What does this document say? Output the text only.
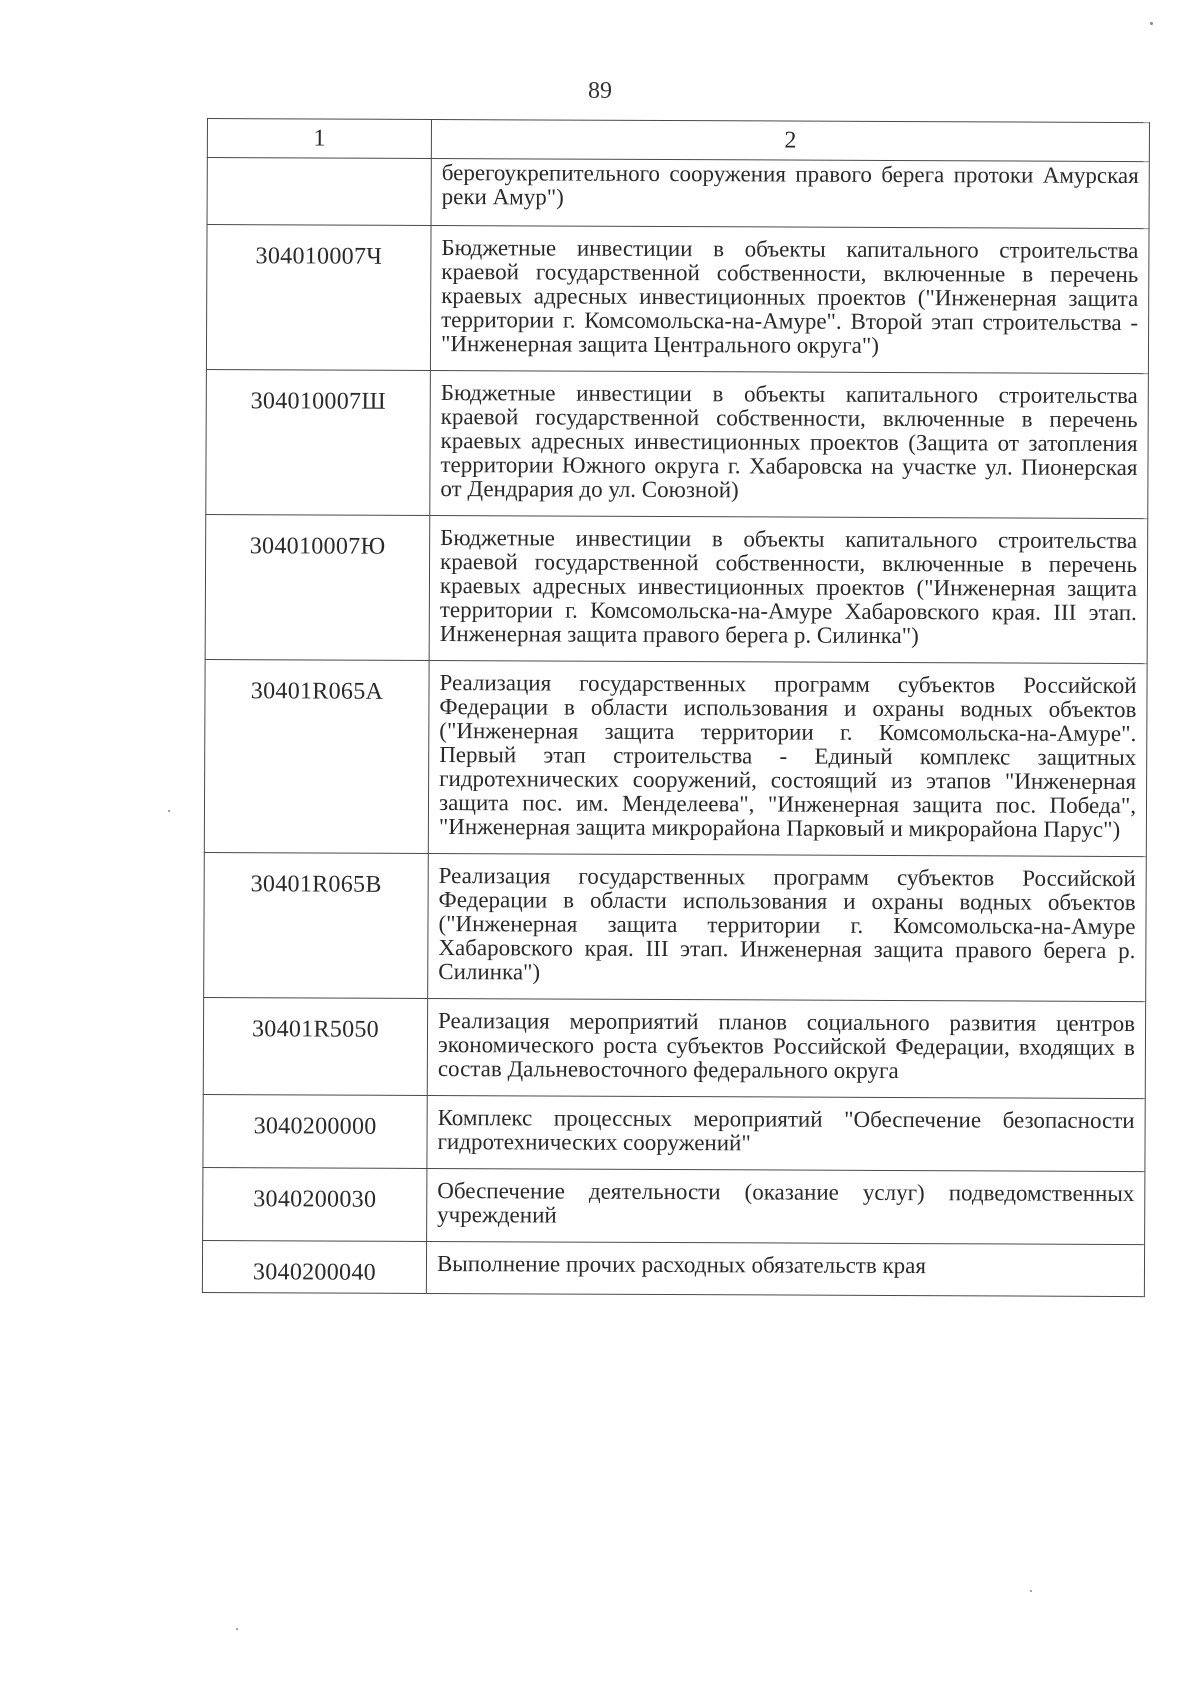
89
1	2
	берегоукрепительного сооружения правого берега протоки Амурская реки Амур")
304010007Ч	Бюджетные инвестиции в объекты капитального строительства краевой государственной собственности, включенные в перечень краевых адресных инвестиционных проектов ("Инженерная защита территории г. Комсомольска-на-Амуре". Второй этап строительства - "Инженерная защита Центрального округа")
304010007Ш	Бюджетные инвестиции в объекты капитального строительства краевой государственной собственности, включенные в перечень краевых адресных инвестиционных проектов (Защита от затопления территории Южного округа г. Хабаровска на участке ул. Пионерская от Дендрария до ул. Союзной)
304010007Ю	Бюджетные инвестиции в объекты капитального строительства краевой государственной собственности, включенные в перечень краевых адресных инвестиционных проектов ("Инженерная защита территории г. Комсомольска-на-Амуре Хабаровского края. III этап. Инженерная защита правого берега р. Силинка")
30401R065A	Реализация государственных программ субъектов Российской Федерации в области использования и охраны водных объектов ("Инженерная защита территории г. Комсомольска-на-Амуре". Первый этап строительства - Единый комплекс защитных гидротехнических сооружений, состоящий из этапов "Инженерная защита пос. им. Менделеева", "Инженерная защита пос. Победа", "Инженерная защита микрорайона Парковый и микрорайона Парус")
30401R065B	Реализация государственных программ субъектов Российской Федерации в области использования и охраны водных объектов ("Инженерная защита территории г. Комсомольска-на-Амуре Хабаровского края. III этап. Инженерная защита правого берега р. Силинка")
30401R5050	Реализация мероприятий планов социального развития центров экономического роста субъектов Российской Федерации, входящих в состав Дальневосточного федерального округа
3040200000	Комплекс процессных мероприятий "Обеспечение безопасности гидротехнических сооружений"
3040200030	Обеспечение деятельности (оказание услуг) подведомственных учреждений
3040200040	Выполнение прочих расходных обязательств края
